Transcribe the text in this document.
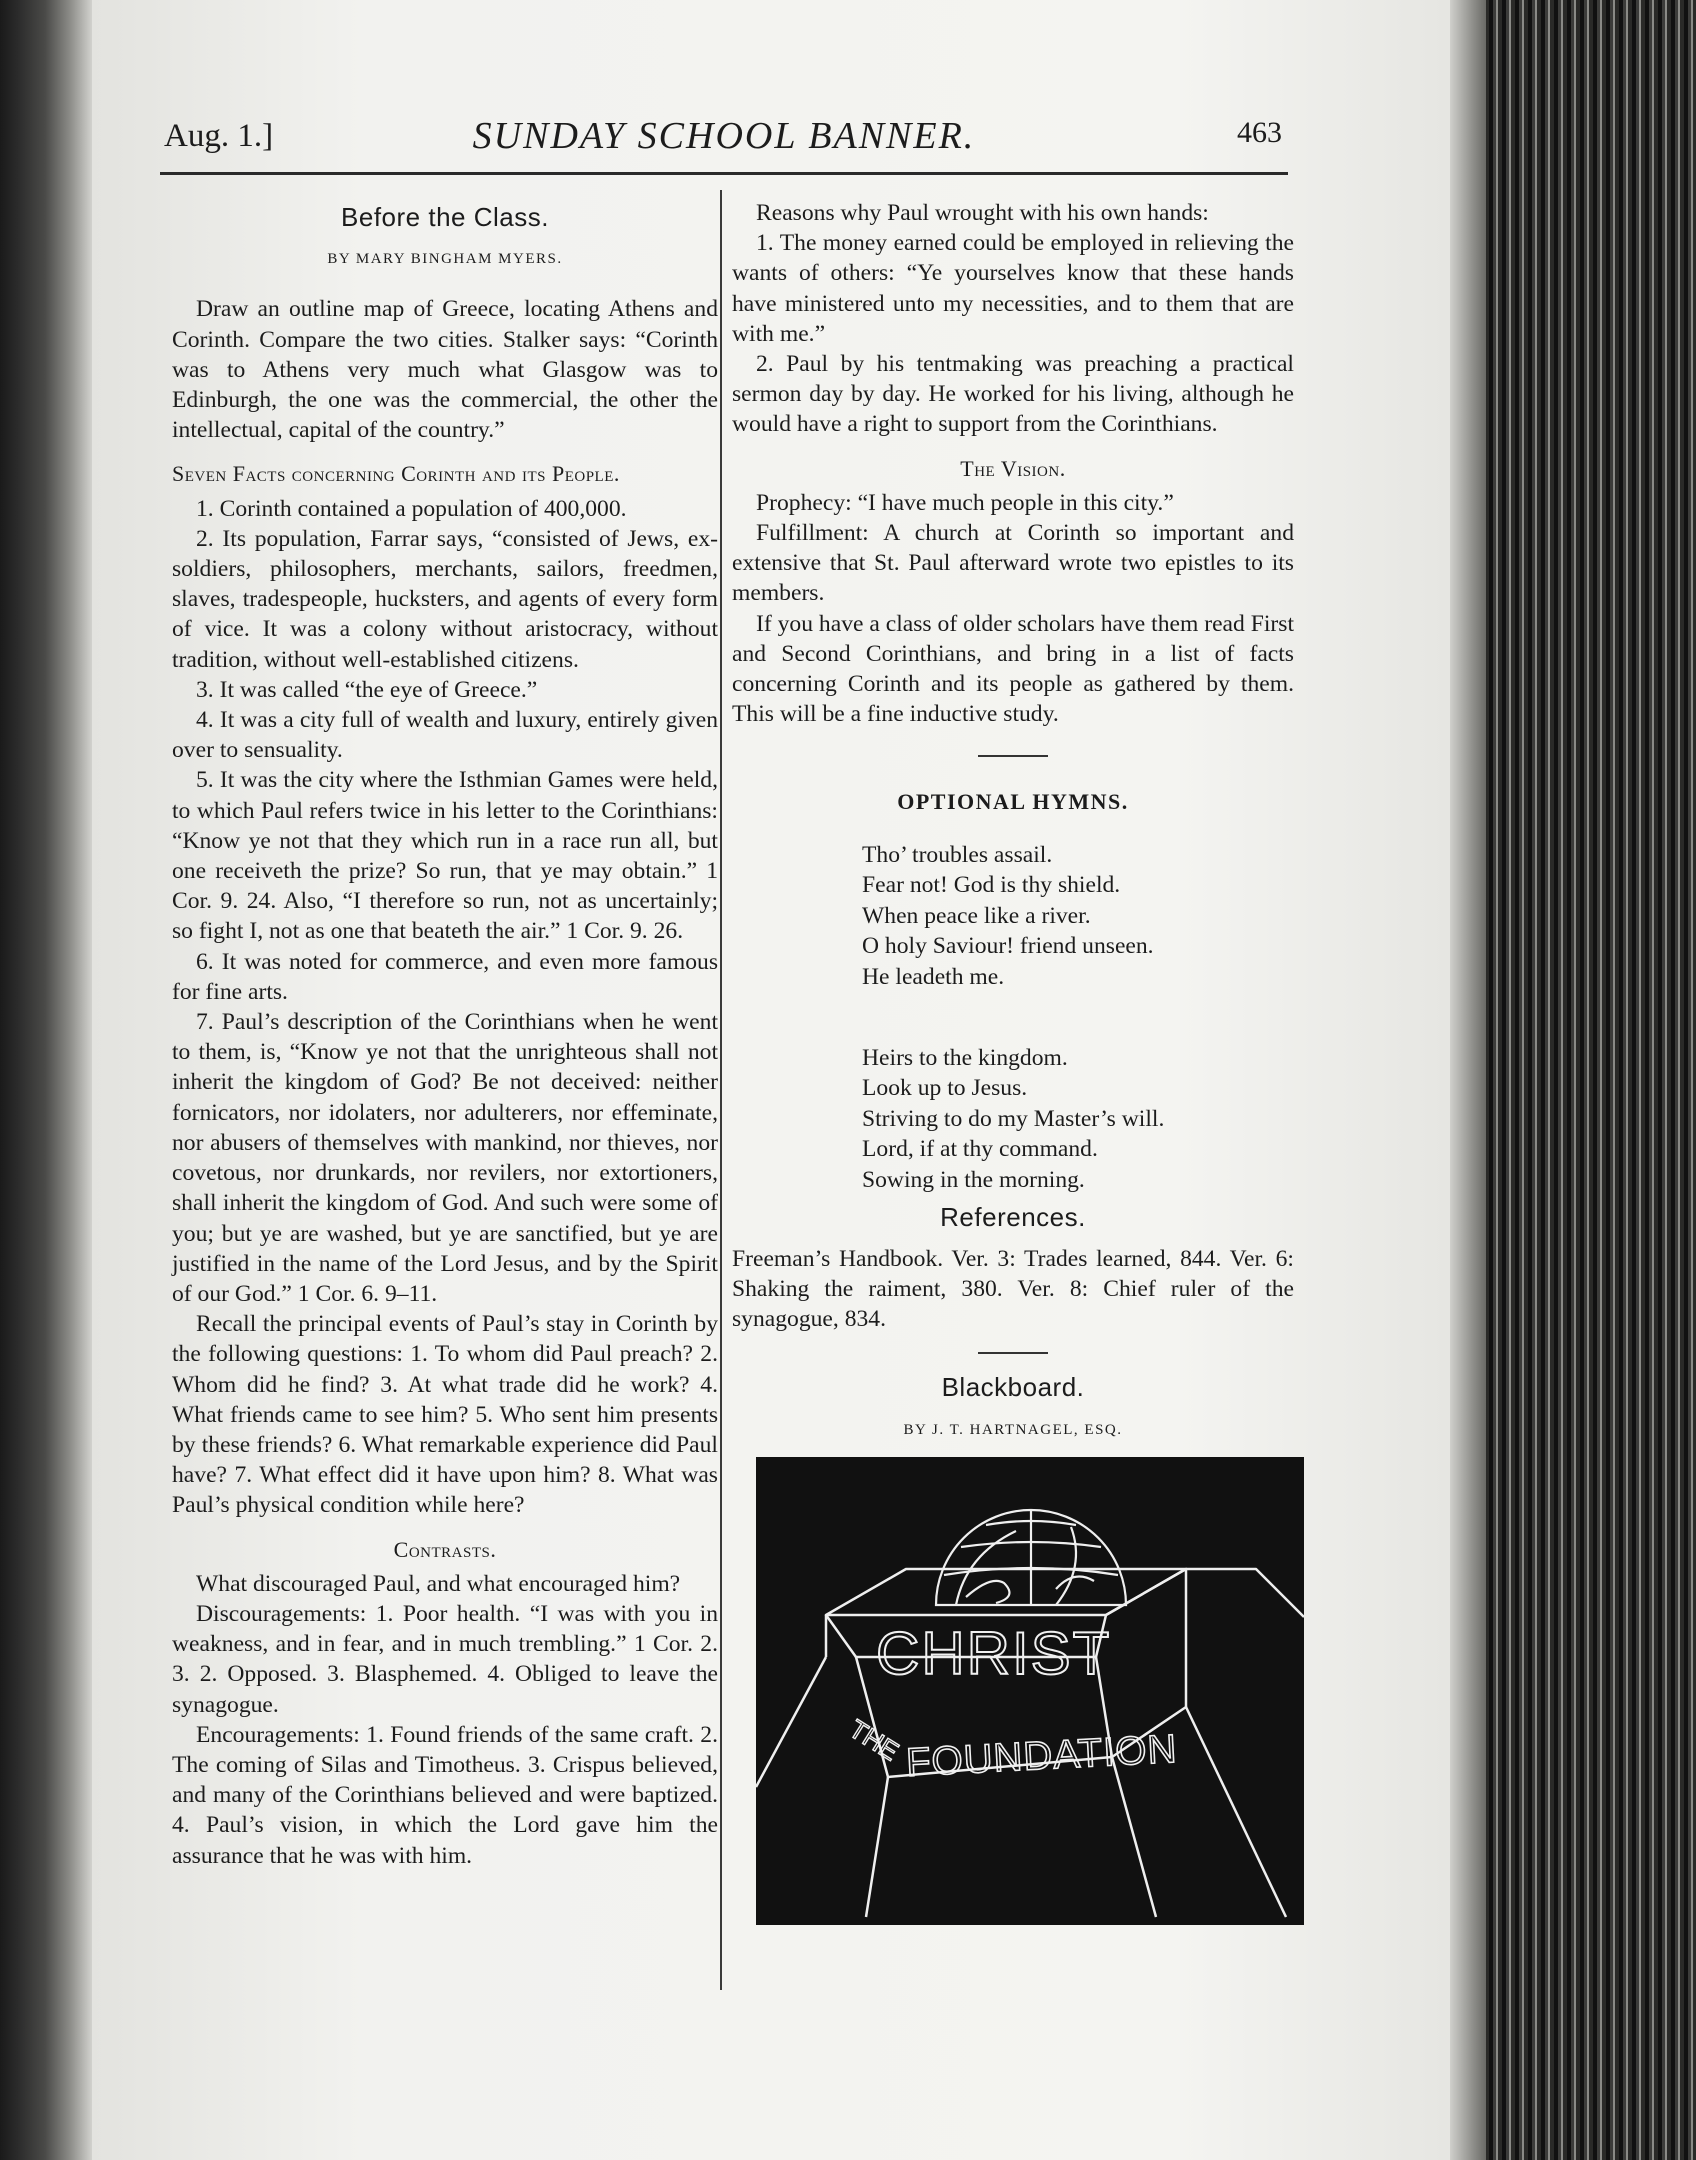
Aug. 1.]	SUNDAY SCHOOL BANNER.	463
Before the Class.
BY MARY BINGHAM MYERS.

Draw an outline map of Greece, locating Athens and Corinth. Compare the two cities. Stalker says: “Corinth was to Athens very much what Glasgow was to Edinburgh, the one was the commercial, the other the intellectual, capital of the country.”

Seven Facts concerning Corinth and its People.

1. Corinth contained a population of 400,000.

2. Its population, Farrar says, “consisted of Jews, ex-soldiers, philosophers, merchants, sailors, freedmen, slaves, tradespeople, hucksters, and agents of every form of vice. It was a colony without aristocracy, without tradition, without well-established citizens.

3. It was called “the eye of Greece.”

4. It was a city full of wealth and luxury, entirely given over to sensuality.

5. It was the city where the Isthmian Games were held, to which Paul refers twice in his letter to the Corinthians: “Know ye not that they which run in a race run all, but one receiveth the prize? So run, that ye may obtain.” 1 Cor. 9. 24. Also, “I therefore so run, not as uncertainly; so fight I, not as one that beateth the air.” 1 Cor. 9. 26.

6. It was noted for commerce, and even more famous for fine arts.

7. Paul’s description of the Corinthians when he went to them, is, “Know ye not that the unrighteous shall not inherit the kingdom of God? Be not deceived: neither fornicators, nor idolaters, nor adulterers, nor effeminate, nor abusers of themselves with mankind, nor thieves, nor covetous, nor drunkards, nor revilers, nor extortioners, shall inherit the kingdom of God. And such were some of you; but ye are washed, but ye are sanctified, but ye are justified in the name of the Lord Jesus, and by the Spirit of our God.” 1 Cor. 6. 9–11.

Recall the principal events of Paul’s stay in Corinth by the following questions: 1. To whom did Paul preach? 2. Whom did he find? 3. At what trade did he work? 4. What friends came to see him? 5. Who sent him presents by these friends? 6. What remarkable experience did Paul have? 7. What effect did it have upon him? 8. What was Paul’s physical condition while here?

Contrasts.

What discouraged Paul, and what encouraged him?

Discouragements: 1. Poor health. “I was with you in weakness, and in fear, and in much trembling.” 1 Cor. 2. 3. 2. Opposed. 3. Blasphemed. 4. Obliged to leave the synagogue.

Encouragements: 1. Found friends of the same craft. 2. The coming of Silas and Timotheus. 3. Crispus believed, and many of the Corinthians believed and were baptized. 4. Paul’s vision, in which the Lord gave him the assurance that he was with him.

Reasons why Paul wrought with his own hands:

1. The money earned could be employed in relieving the wants of others: “Ye yourselves know that these hands have ministered unto my necessities, and to them that are with me.”

2. Paul by his tentmaking was preaching a practical sermon day by day. He worked for his living, although he would have a right to support from the Corinthians.

The Vision.

Prophecy: “I have much people in this city.”

Fulfillment: A church at Corinth so important and extensive that St. Paul afterward wrote two epistles to its members.

If you have a class of older scholars have them read First and Second Corinthians, and bring in a list of facts concerning Corinth and its people as gathered by them. This will be a fine inductive study.

OPTIONAL HYMNS.
Tho’ troubles assail.
Fear not! God is thy shield.
When peace like a river.
O holy Saviour! friend unseen.
He leadeth me.
Heirs to the kingdom.
Look up to Jesus.
Striving to do my Master’s will.
Lord, if at thy command.
Sowing in the morning.
References.

Freeman’s Handbook. Ver. 3: Trades learned, 844. Ver. 6: Shaking the raiment, 380. Ver. 8: Chief ruler of the synagogue, 834.

Blackboard.
BY J. T. HARTNAGEL, ESQ.
CHRIST
THE FOUNDATION
